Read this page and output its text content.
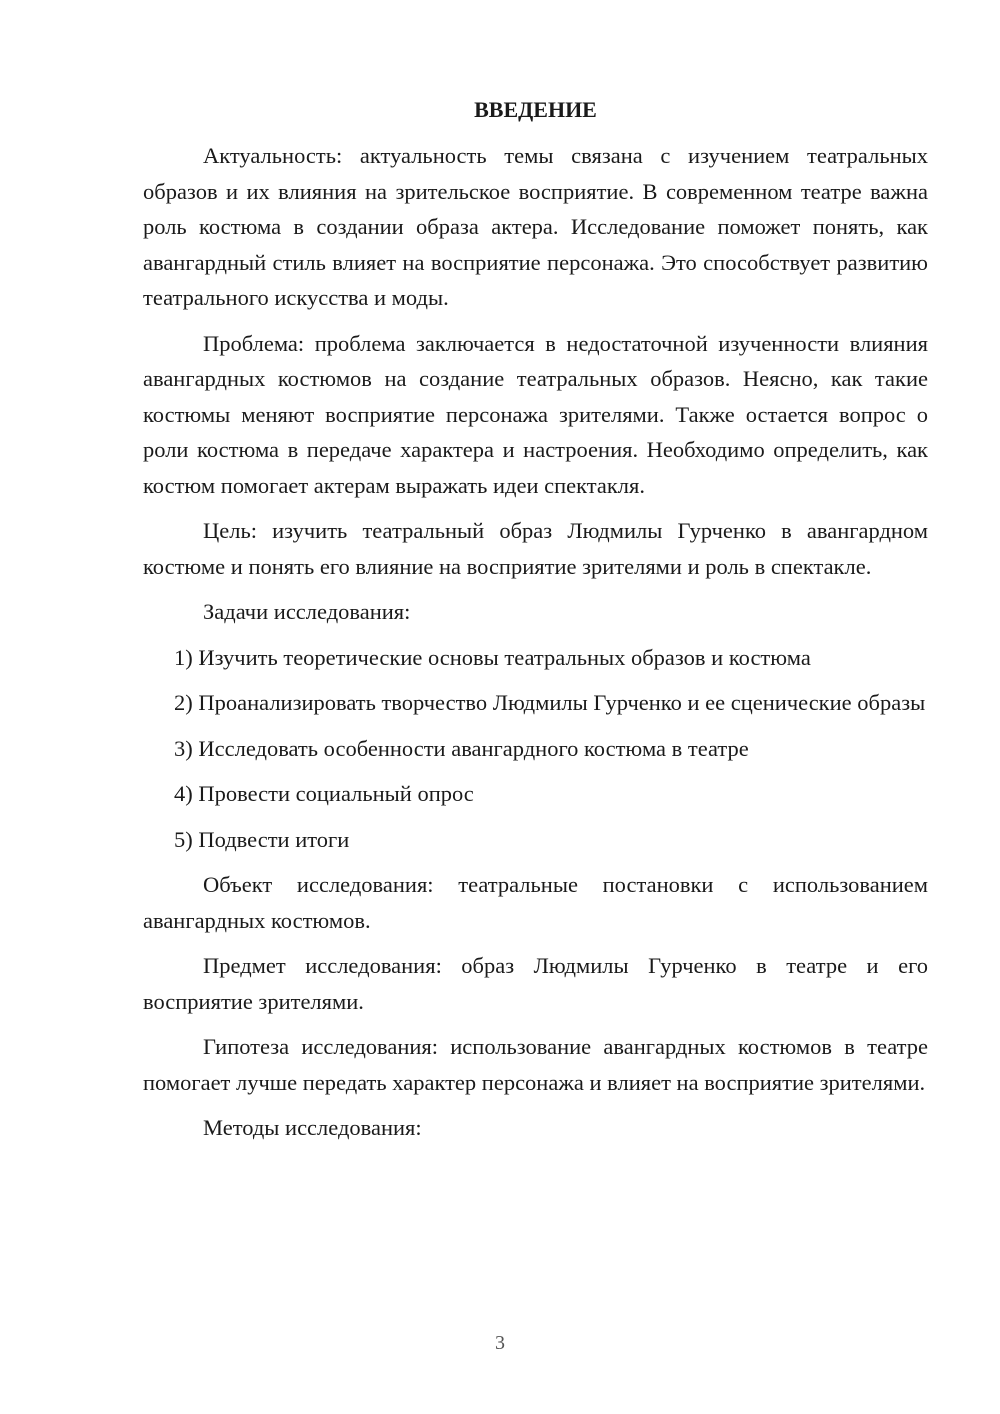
ВВЕДЕНИЕ

Актуальность: актуальность темы связана с изучением театральных образов и их влияния на зрительское восприятие. В современном театре важна роль костюма в создании образа актера. Исследование поможет понять, как авангардный стиль влияет на восприятие персонажа. Это способствует развитию театрального искусства и моды.

Проблема: проблема заключается в недостаточной изученности влияния авангардных костюмов на создание театральных образов. Неясно, как такие костюмы меняют восприятие персонажа зрителями. Также остается вопрос о роли костюма в передаче характера и настроения. Необходимо определить, как костюм помогает актерам выражать идеи спектакля.

Цель: изучить театральный образ Людмилы Гурченко в авангардном костюме и понять его влияние на восприятие зрителями и роль в спектакле.

Задачи исследования:

1) Изучить теоретические основы театральных образов и костюма

2) Проанализировать творчество Людмилы Гурченко и ее сценические образы

3) Исследовать особенности авангардного костюма в театре

4) Провести социальный опрос

5) Подвести итоги

Объект исследования: театральные постановки с использованием авангардных костюмов.

Предмет исследования: образ Людмилы Гурченко в театре и его восприятие зрителями.

Гипотеза исследования: использование авангардных костюмов в театре помогает лучше передать характер персонажа и влияет на восприятие зрителями.

Методы исследования:

3
